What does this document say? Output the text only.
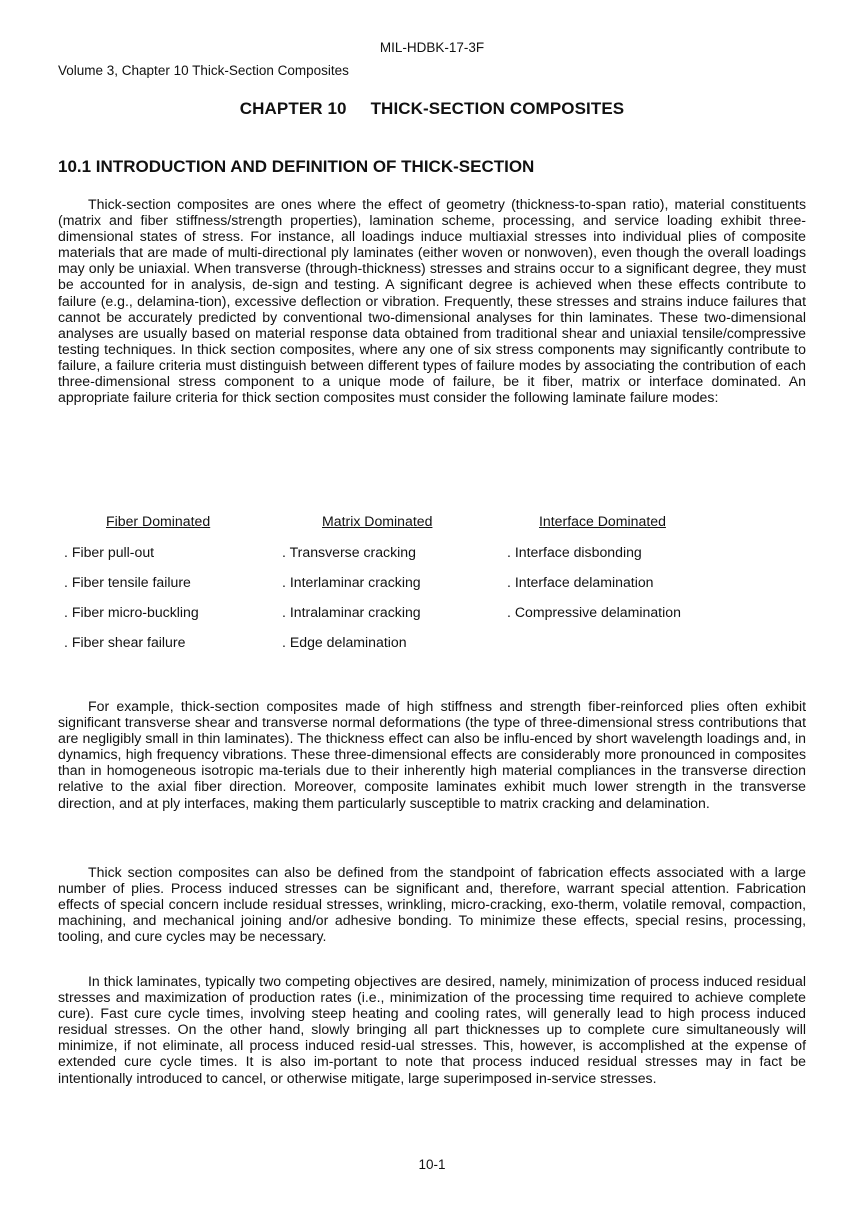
MIL-HDBK-17-3F
Volume 3, Chapter 10 Thick-Section Composites
CHAPTER 10 THICK-SECTION COMPOSITES
10.1 INTRODUCTION AND DEFINITION OF THICK-SECTION

Thick-section composites are ones where the effect of geometry (thickness-to-span ratio), material constituents (matrix and fiber stiffness/strength properties), lamination scheme, processing, and service loading exhibit three-dimensional states of stress. For instance, all loadings induce multiaxial stresses into individual plies of composite materials that are made of multi-directional ply laminates (either woven or nonwoven), even though the overall loadings may only be uniaxial. When transverse (through-thickness) stresses and strains occur to a significant degree, they must be accounted for in analysis, de-sign and testing. A significant degree is achieved when these effects contribute to failure (e.g., delamina-tion), excessive deflection or vibration. Frequently, these stresses and strains induce failures that cannot be accurately predicted by conventional two-dimensional analyses for thin laminates. These two-dimensional analyses are usually based on material response data obtained from traditional shear and uniaxial tensile/compressive testing techniques. In thick section composites, where any one of six stress components may significantly contribute to failure, a failure criteria must distinguish between different types of failure modes by associating the contribution of each three-dimensional stress component to a unique mode of failure, be it fiber, matrix or interface dominated. An appropriate failure criteria for thick section composites must consider the following laminate failure modes:

Fiber Dominated
. Fiber pull-out
. Fiber tensile failure
. Fiber micro-buckling
. Fiber shear failure
Matrix Dominated
. Transverse cracking
. Interlaminar cracking
. Intralaminar cracking
. Edge delamination
Interface Dominated
. Interface disbonding
. Interface delamination
. Compressive delamination

For example, thick-section composites made of high stiffness and strength fiber-reinforced plies often exhibit significant transverse shear and transverse normal deformations (the type of three-dimensional stress contributions that are negligibly small in thin laminates). The thickness effect can also be influ-enced by short wavelength loadings and, in dynamics, high frequency vibrations. These three-dimensional effects are considerably more pronounced in composites than in homogeneous isotropic ma-terials due to their inherently high material compliances in the transverse direction relative to the axial fiber direction. Moreover, composite laminates exhibit much lower strength in the transverse direction, and at ply interfaces, making them particularly susceptible to matrix cracking and delamination.

Thick section composites can also be defined from the standpoint of fabrication effects associated with a large number of plies. Process induced stresses can be significant and, therefore, warrant special attention. Fabrication effects of special concern include residual stresses, wrinkling, micro-cracking, exo-therm, volatile removal, compaction, machining, and mechanical joining and/or adhesive bonding. To minimize these effects, special resins, processing, tooling, and cure cycles may be necessary.

In thick laminates, typically two competing objectives are desired, namely, minimization of process induced residual stresses and maximization of production rates (i.e., minimization of the processing time required to achieve complete cure). Fast cure cycle times, involving steep heating and cooling rates, will generally lead to high process induced residual stresses. On the other hand, slowly bringing all part thicknesses up to complete cure simultaneously will minimize, if not eliminate, all process induced resid-ual stresses. This, however, is accomplished at the expense of extended cure cycle times. It is also im-portant to note that process induced residual stresses may in fact be intentionally introduced to cancel, or otherwise mitigate, large superimposed in-service stresses.

10-1
